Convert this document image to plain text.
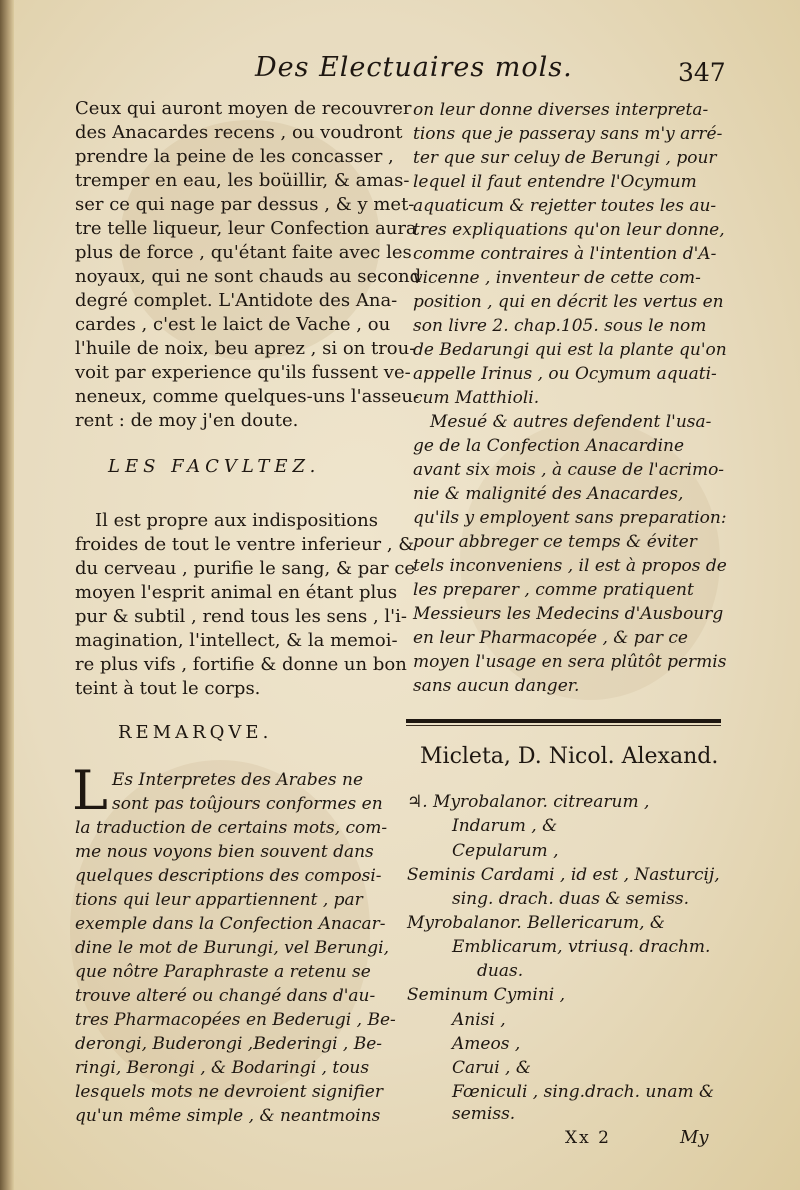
Des Electuaires mols.	347
Ceux qui auront moyen de recouvrer
des Anacardes recens , ou voudront
prendre la peine de les concasser ,
tremper en eau, les boüillir, & amas-
ser ce qui nage par dessus , & y met-
tre telle liqueur, leur Confection aura
plus de force , qu'étant faite avec les
noyaux, qui ne sont chauds au second
degré complet. L'Antidote des Ana-
cardes , c'est le laict de Vache , ou
l'huile de noix, beu aprez , si on trou-
voit par experience qu'ils fussent ve-
neneux, comme quelques-uns l'asseu-
rent : de moy j'en doute.
LES FACVLTEZ.
Il est propre aux indispositions
froides de tout le ventre inferieur , &
du cerveau , purifie le sang, & par ce
moyen l'esprit animal en étant plus
pur & subtil , rend tous les sens , l'i-
magination, l'intellect, & la memoi-
re plus vifs , fortifie & donne un bon
teint à tout le corps.
REMARQVE.
L Es Interpretes des Arabes ne
sont pas toûjours conformes en
la traduction de certains mots, com-
me nous voyons bien souvent dans
quelques descriptions des composi-
tions qui leur appartiennent , par
exemple dans la Confection Anacar-
dine le mot de Burungi, vel Berungi,
que nôtre Paraphraste a retenu se
trouve alteré ou changé dans d'au-
tres Pharmacopées en Bederugi , Be-
derongi, Buderongi ,Bederingi , Be-
ringi, Berongi , & Bodaringi , tous
lesquels mots ne devroient signifier
qu'un même simple , & neantmoins
on leur donne diverses interpreta-
tions que je passeray sans m'y arré-
ter que sur celuy de Berungi , pour
lequel il faut entendre l'Ocymum
aquaticum & rejetter toutes les au-
tres expliquations qu'on leur donne,
comme contraires à l'intention d'A-
vicenne , inventeur de cette com-
position , qui en décrit les vertus en
son livre 2. chap.105. sous le nom
de Bedarungi qui est la plante qu'on
appelle Irinus , ou Ocymum aquati-
cum Matthioli.
Mesué & autres defendent l'usa-
ge de la Confection Anacardine
avant six mois , à cause de l'acrimo-
nie & malignité des Anacardes,
qu'ils y employent sans preparation:
pour abbreger ce temps & éviter
tels inconveniens , il est à propos de
les preparer , comme pratiquent
Messieurs les Medecins d'Ausbourg
en leur Pharmacopée , & par ce
moyen l'usage en sera plûtôt permis
sans aucun danger.
Micleta, D. Nicol. Alexand.
♃. Myrobalanor. citrearum ,
Indarum , &
Cepularum ,
Seminis Cardami , id est , Nasturcij,
sing. drach. duas & semiss.
Myrobalanor. Bellericarum, &
Emblicarum, vtriusq. drachm.
duas.
Seminum Cymini ,
Anisi ,
Ameos ,
Carui , &
Fœniculi , sing.drach. unam &
semiss.
Xx 2	My
